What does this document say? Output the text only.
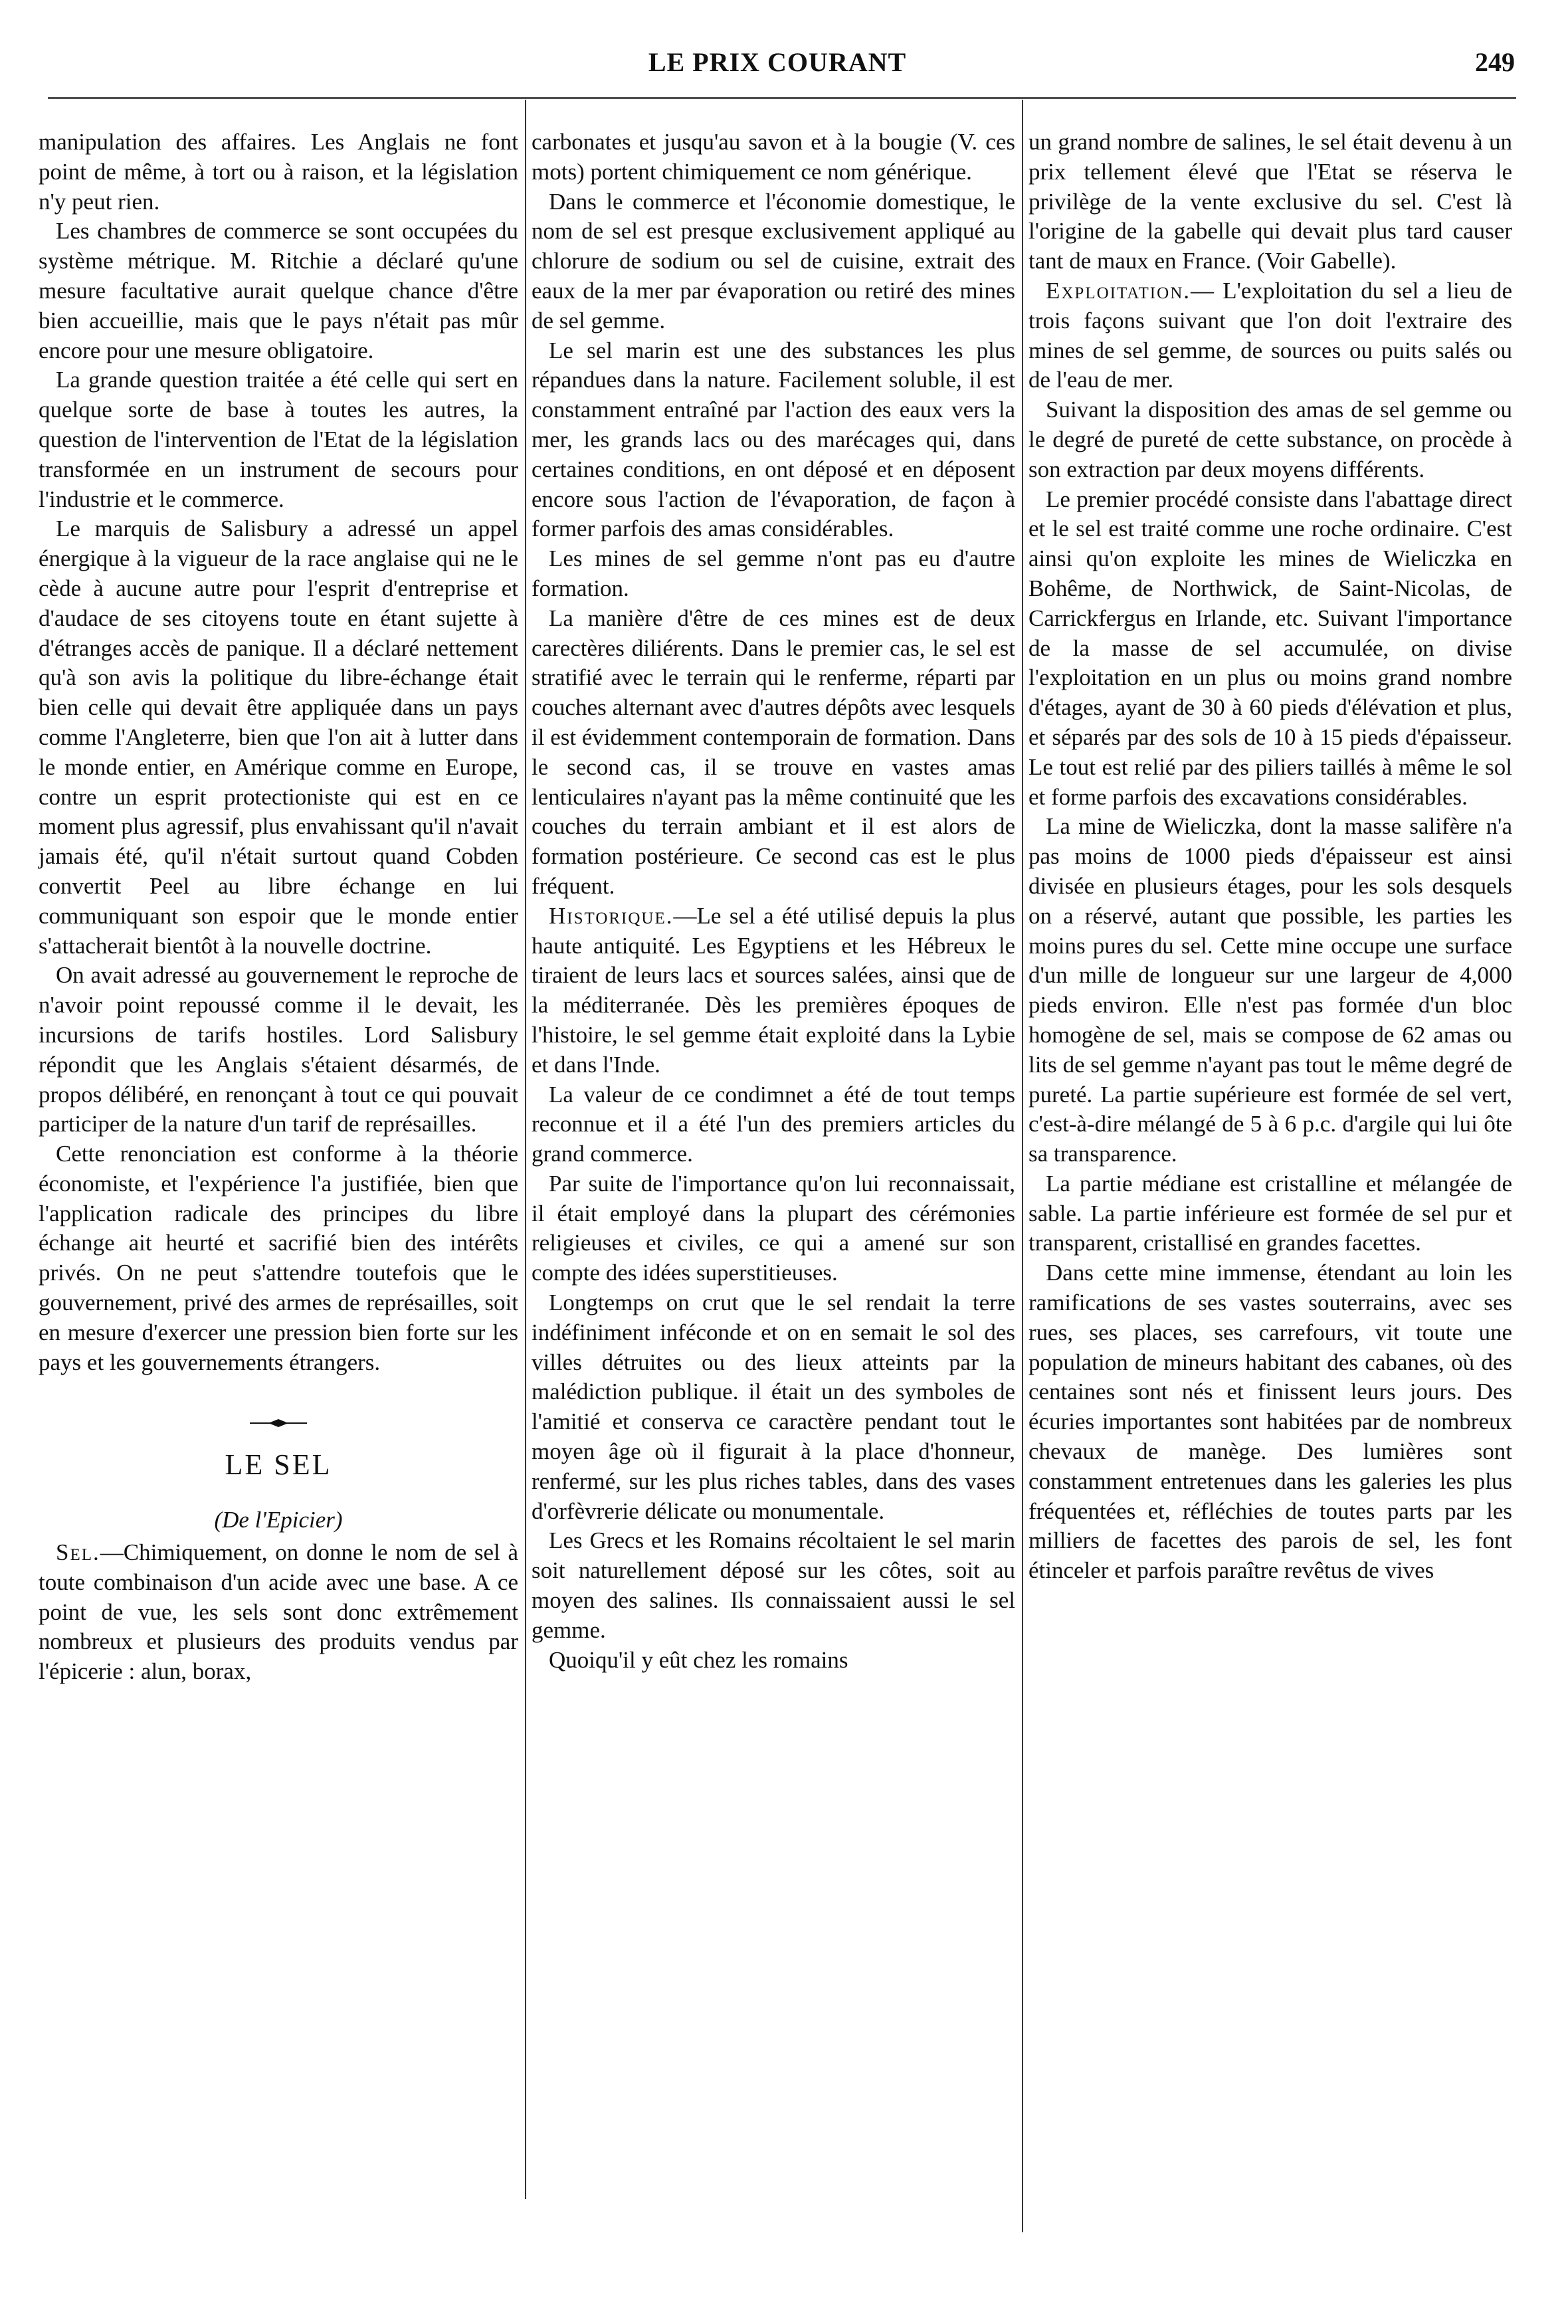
LE PRIX COURANT	249

manipulation des affaires. Les Anglais ne font point de même, à tort ou à raison, et la législation n'y peut rien.

Les chambres de commerce se sont occupées du système métrique. M. Ritchie a déclaré qu'une mesure facultative aurait quelque chance d'être bien accueillie, mais que le pays n'était pas mûr encore pour une mesure obligatoire.

La grande question traitée a été celle qui sert en quelque sorte de base à toutes les autres, la question de l'intervention de l'Etat de la législation transformée en un instrument de secours pour l'industrie et le commerce.

Le marquis de Salisbury a adressé un appel énergique à la vigueur de la race anglaise qui ne le cède à aucune autre pour l'esprit d'entreprise et d'audace de ses citoyens toute en étant sujette à d'étranges accès de panique. Il a déclaré nettement qu'à son avis la politique du libre-échange était bien celle qui devait être appliquée dans un pays comme l'Angleterre, bien que l'on ait à lutter dans le monde entier, en Amérique comme en Europe, contre un esprit protectioniste qui est en ce moment plus agressif, plus envahissant qu'il n'avait jamais été, qu'il n'était surtout quand Cobden convertit Peel au libre échange en lui communiquant son espoir que le monde entier s'attacherait bientôt à la nouvelle doctrine.

On avait adressé au gouvernement le reproche de n'avoir point repoussé comme il le devait, les incursions de tarifs hostiles. Lord Salisbury répondit que les Anglais s'étaient désarmés, de propos délibéré, en renonçant à tout ce qui pouvait participer de la nature d'un tarif de représailles.

Cette renonciation est conforme à la théorie économiste, et l'expérience l'a justifiée, bien que l'application radicale des principes du libre échange ait heurté et sacrifié bien des intérêts privés. On ne peut s'attendre toutefois que le gouvernement, privé des armes de représailles, soit en mesure d'exercer une pression bien forte sur les pays et les gouvernements étrangers.

LE SEL
(De l'Epicier)

Sel.—Chimiquement, on donne le nom de sel à toute combinaison d'un acide avec une base. A ce point de vue, les sels sont donc extrêmement nombreux et plusieurs des produits vendus par l'épicerie : alun, borax,

carbonates et jusqu'au savon et à la bougie (V. ces mots) portent chimiquement ce nom générique.

Dans le commerce et l'économie domestique, le nom de sel est presque exclusivement appliqué au chlorure de sodium ou sel de cuisine, extrait des eaux de la mer par évaporation ou retiré des mines de sel gemme.

Le sel marin est une des substances les plus répandues dans la nature. Facilement soluble, il est constamment entraîné par l'action des eaux vers la mer, les grands lacs ou des marécages qui, dans certaines conditions, en ont déposé et en déposent encore sous l'action de l'évaporation, de façon à former parfois des amas considérables.

Les mines de sel gemme n'ont pas eu d'autre formation.

La manière d'être de ces mines est de deux carectères diliérents. Dans le premier cas, le sel est stratifié avec le terrain qui le renferme, réparti par couches alternant avec d'autres dépôts avec lesquels il est évidemment contemporain de formation. Dans le second cas, il se trouve en vastes amas lenticulaires n'ayant pas la même continuité que les couches du terrain ambiant et il est alors de formation postérieure. Ce second cas est le plus fréquent.

Historique.—Le sel a été utilisé depuis la plus haute antiquité. Les Egyptiens et les Hébreux le tiraient de leurs lacs et sources salées, ainsi que de la méditerranée. Dès les premières époques de l'histoire, le sel gemme était exploité dans la Lybie et dans l'Inde.

La valeur de ce condimnet a été de tout temps reconnue et il a été l'un des premiers articles du grand commerce.

Par suite de l'importance qu'on lui reconnaissait, il était employé dans la plupart des cérémonies religieuses et civiles, ce qui a amené sur son compte des idées superstitieuses.

Longtemps on crut que le sel rendait la terre indéfiniment inféconde et on en semait le sol des villes détruites ou des lieux atteints par la malédiction publique. il était un des symboles de l'amitié et conserva ce caractère pendant tout le moyen âge où il figurait à la place d'honneur, renfermé, sur les plus riches tables, dans des vases d'orfèvrerie délicate ou monumentale.

Les Grecs et les Romains récoltaient le sel marin soit naturellement déposé sur les côtes, soit au moyen des salines. Ils connaissaient aussi le sel gemme.

Quoiqu'il y eût chez les romains

un grand nombre de salines, le sel était devenu à un prix tellement élevé que l'Etat se réserva le privilège de la vente exclusive du sel. C'est là l'origine de la gabelle qui devait plus tard causer tant de maux en France. (Voir Gabelle).

Exploitation.— L'exploitation du sel a lieu de trois façons suivant que l'on doit l'extraire des mines de sel gemme, de sources ou puits salés ou de l'eau de mer.

Suivant la disposition des amas de sel gemme ou le degré de pureté de cette substance, on procède à son extraction par deux moyens différents.

Le premier procédé consiste dans l'abattage direct et le sel est traité comme une roche ordinaire. C'est ainsi qu'on exploite les mines de Wieliczka en Bohême, de Northwick, de Saint-Nicolas, de Carrickfergus en Irlande, etc. Suivant l'importance de la masse de sel accumulée, on divise l'exploitation en un plus ou moins grand nombre d'étages, ayant de 30 à 60 pieds d'élévation et plus, et séparés par des sols de 10 à 15 pieds d'épaisseur. Le tout est relié par des piliers taillés à même le sol et forme parfois des excavations considérables.

La mine de Wieliczka, dont la masse salifère n'a pas moins de 1000 pieds d'épaisseur est ainsi divisée en plusieurs étages, pour les sols desquels on a réservé, autant que possible, les parties les moins pures du sel. Cette mine occupe une surface d'un mille de longueur sur une largeur de 4,000 pieds environ. Elle n'est pas formée d'un bloc homogène de sel, mais se compose de 62 amas ou lits de sel gemme n'ayant pas tout le même degré de pureté. La partie supérieure est formée de sel vert, c'est-à-dire mélangé de 5 à 6 p.c. d'argile qui lui ôte sa transparence.

La partie médiane est cristalline et mélangée de sable. La partie inférieure est formée de sel pur et transparent, cristallisé en grandes facettes.

Dans cette mine immense, étendant au loin les ramifications de ses vastes souterrains, avec ses rues, ses places, ses carrefours, vit toute une population de mineurs habitant des cabanes, où des centaines sont nés et finissent leurs jours. Des écuries importantes sont habitées par de nombreux chevaux de manège. Des lumières sont constamment entretenues dans les galeries les plus fréquentées et, réfléchies de toutes parts par les milliers de facettes des parois de sel, les font étinceler et parfois paraître revêtus de vives
